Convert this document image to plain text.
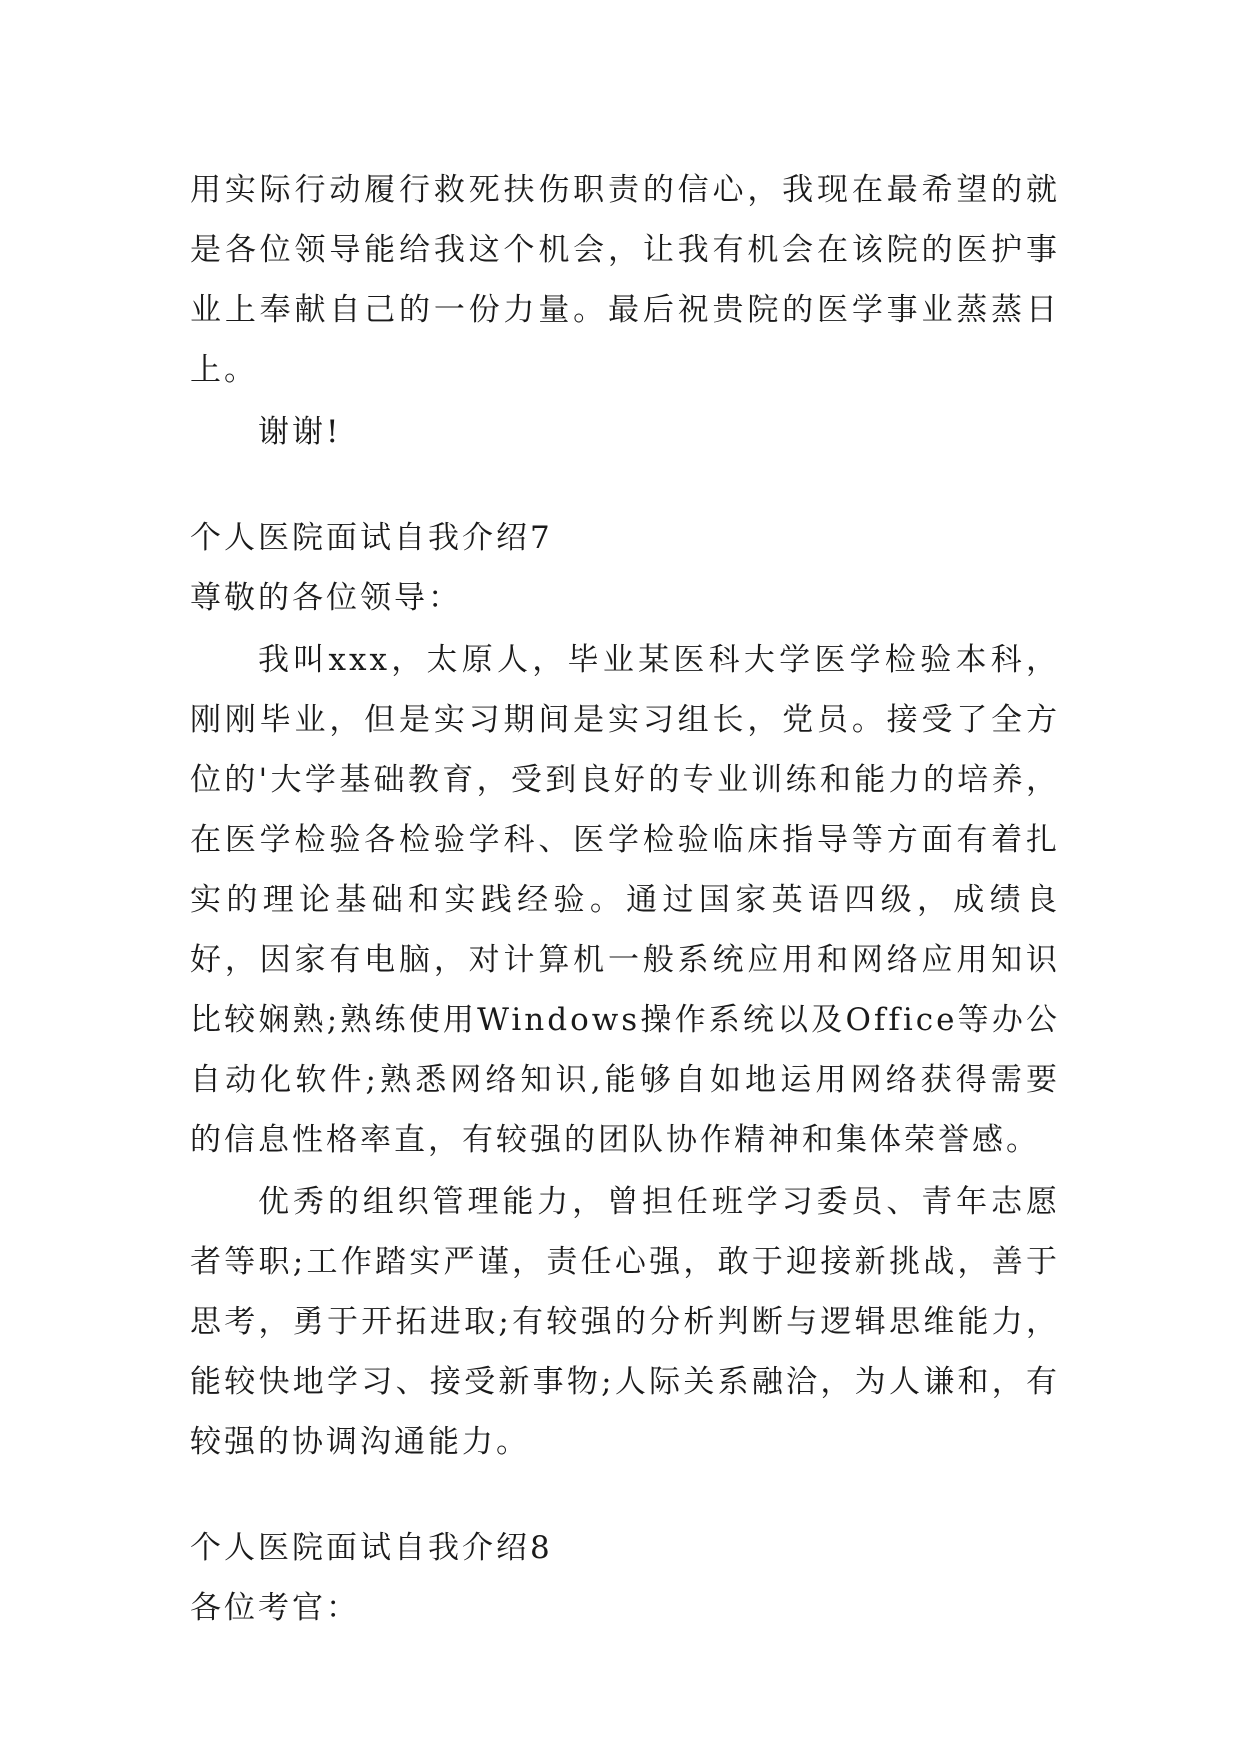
用实际行动履行救死扶伤职责的信心，我现在最希望的就是各位领导能给我这个机会，让我有机会在该院的医护事业上奉献自己的一份力量。最后祝贵院的医学事业蒸蒸日上。

谢谢!

个人医院面试自我介绍7

尊敬的各位领导：

我叫xxx，太原人，毕业某医科大学医学检验本科，刚刚毕业，但是实习期间是实习组长，党员。接受了全方位的'大学基础教育，受到良好的专业训练和能力的培养，在医学检验各检验学科、医学检验临床指导等方面有着扎实的理论基础和实践经验。通过国家英语四级，成绩良好，因家有电脑，对计算机一般系统应用和网络应用知识比较娴熟;熟练使用Windows操作系统以及Office等办公自动化软件;熟悉网络知识,能够自如地运用网络获得需要的信息性格率直，有较强的团队协作精神和集体荣誉感。

优秀的组织管理能力，曾担任班学习委员、青年志愿者等职;工作踏实严谨，责任心强，敢于迎接新挑战，善于思考，勇于开拓进取;有较强的分析判断与逻辑思维能力，能较快地学习、接受新事物;人际关系融洽，为人谦和，有较强的协调沟通能力。

个人医院面试自我介绍8

各位考官：
